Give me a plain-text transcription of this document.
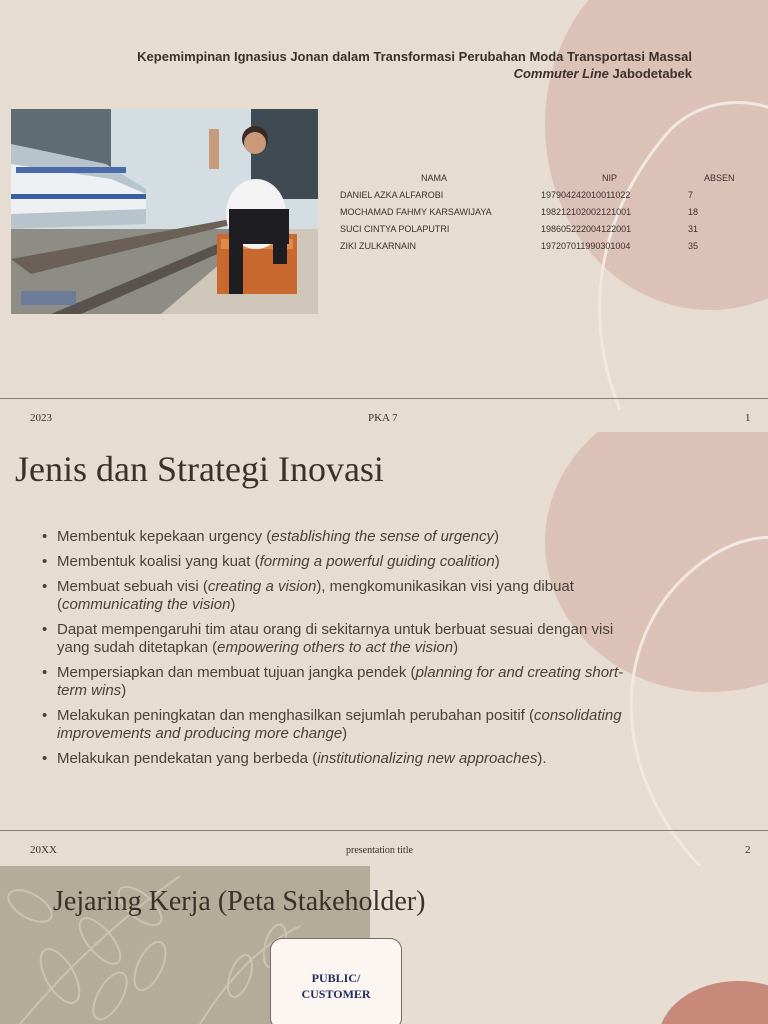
Kepemimpinan Ignasius Jonan dalam Transformasi Perubahan Moda Transportasi Massal
Commuter Line Jabodetabek
NAMA	NIP	ABSEN
DANIEL AZKA ALFAROBI	197904242010011022	7
MOCHAMAD FAHMY KARSAWIJAYA	198212102002121001	18
SUCI CINTYA POLAPUTRI	198605222004122001	31
ZIKI ZULKARNAIN	197207011990301004	35
2023	PKA 7	1
Jenis dan Strategi Inovasi
• Membentuk kepekaan urgency (establishing the sense of urgency)
• Membentuk koalisi yang kuat (forming a powerful guiding coalition)
• Membuat sebuah visi (creating a vision), mengkomunikasikan visi yang dibuat (communicating the vision)
• Dapat mempengaruhi tim atau orang di sekitarnya untuk berbuat sesuai dengan visi yang sudah ditetapkan (empowering others to act the vision)
• Mempersiapkan dan membuat tujuan jangka pendek (planning for and creating short-term wins)
• Melakukan peningkatan dan menghasilkan sejumlah perubahan positif (consolidating improvements and producing more change)
• Melakukan pendekatan yang berbeda (institutionalizing new approaches).
20XX	presentation title	2
Jejaring Kerja (Peta Stakeholder)
PUBLIC/
CUSTOMER
